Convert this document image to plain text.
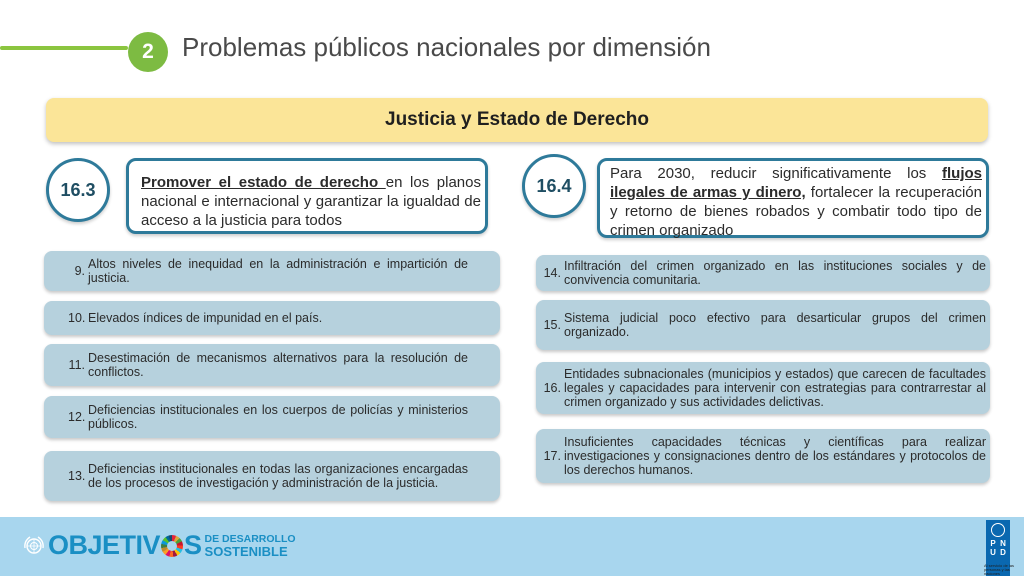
2	Problemas públicos nacionales por dimensión
Justicia y Estado de Derecho
16.3	Promover el estado de derecho en los planos nacional e internacional y garantizar la igualdad de acceso a la justicia para todos
16.4
Para 2030, reducir significativamente los flujos ilegales de armas y dinero, fortalecer la recuperación y retorno de bienes robados y combatir todo tipo de crimen organizado
9. Altos niveles de inequidad en la administración e impartición de justicia.
10. Elevados índices de impunidad en el país.
11. Desestimación de mecanismos alternativos para la resolución de conflictos.
12. Deficiencias institucionales en los cuerpos de policías y ministerios públicos.
13. Deficiencias institucionales en todas las organizaciones encargadas de los procesos de investigación y administración de la justicia.
14. Infiltración del crimen organizado en las instituciones sociales y de convivencia comunitaria.
15. Sistema judicial poco efectivo para desarticular grupos del crimen organizado.
16.
Entidades subnacionales (municipios y estados) que carecen de facultades legales y capacidades para intervenir con estrategias para contrarrestar al crimen organizado y sus actividades delictivas.
17.
Insuficientes capacidades técnicas y científicas para realizar investigaciones y consignaciones dentro de los estándares y protocolos de los derechos humanos.
OBJETIV S DE DESARROLLO
SOSTENIBLE	P N
U D
Al servicio de las personas y las naciones
